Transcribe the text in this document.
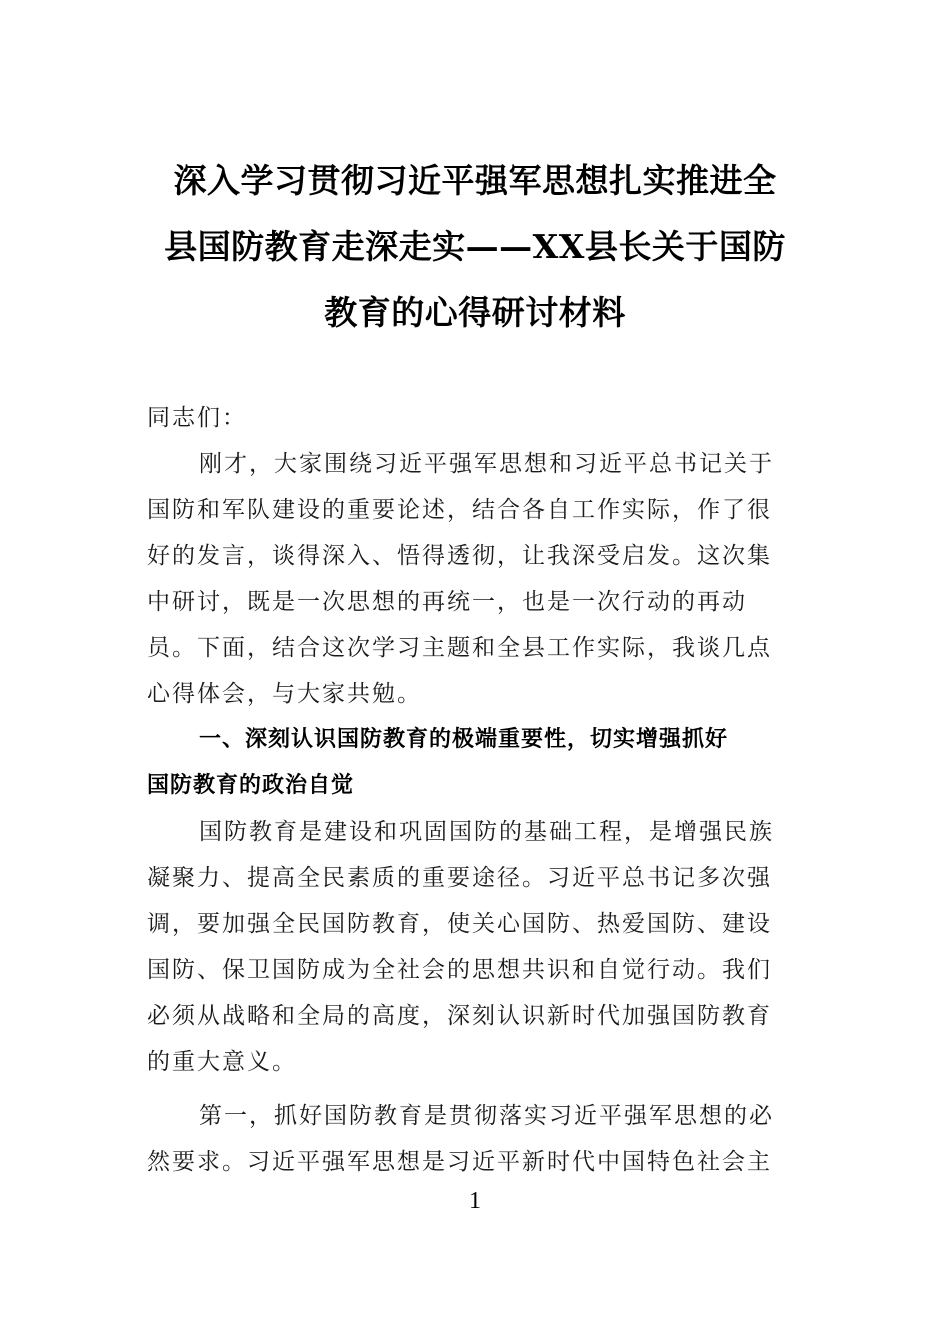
深入学习贯彻习近平强军思想扎实推进全
县国防教育走深走实——XX县长关于国防
教育的心得研讨材料
同志们：
刚才，大家围绕习近平强军思想和习近平总书记关于
国防和军队建设的重要论述，结合各自工作实际，作了很
好的发言，谈得深入、悟得透彻，让我深受启发。这次集
中研讨，既是一次思想的再统一，也是一次行动的再动
员。下面，结合这次学习主题和全县工作实际，我谈几点
心得体会，与大家共勉。
一、深刻认识国防教育的极端重要性，切实增强抓好
国防教育的政治自觉
国防教育是建设和巩固国防的基础工程，是增强民族
凝聚力、提高全民素质的重要途径。习近平总书记多次强
调，要加强全民国防教育，使关心国防、热爱国防、建设
国防、保卫国防成为全社会的思想共识和自觉行动。我们
必须从战略和全局的高度，深刻认识新时代加强国防教育
的重大意义。
第一，抓好国防教育是贯彻落实习近平强军思想的必
然要求。习近平强军思想是习近平新时代中国特色社会主
1
